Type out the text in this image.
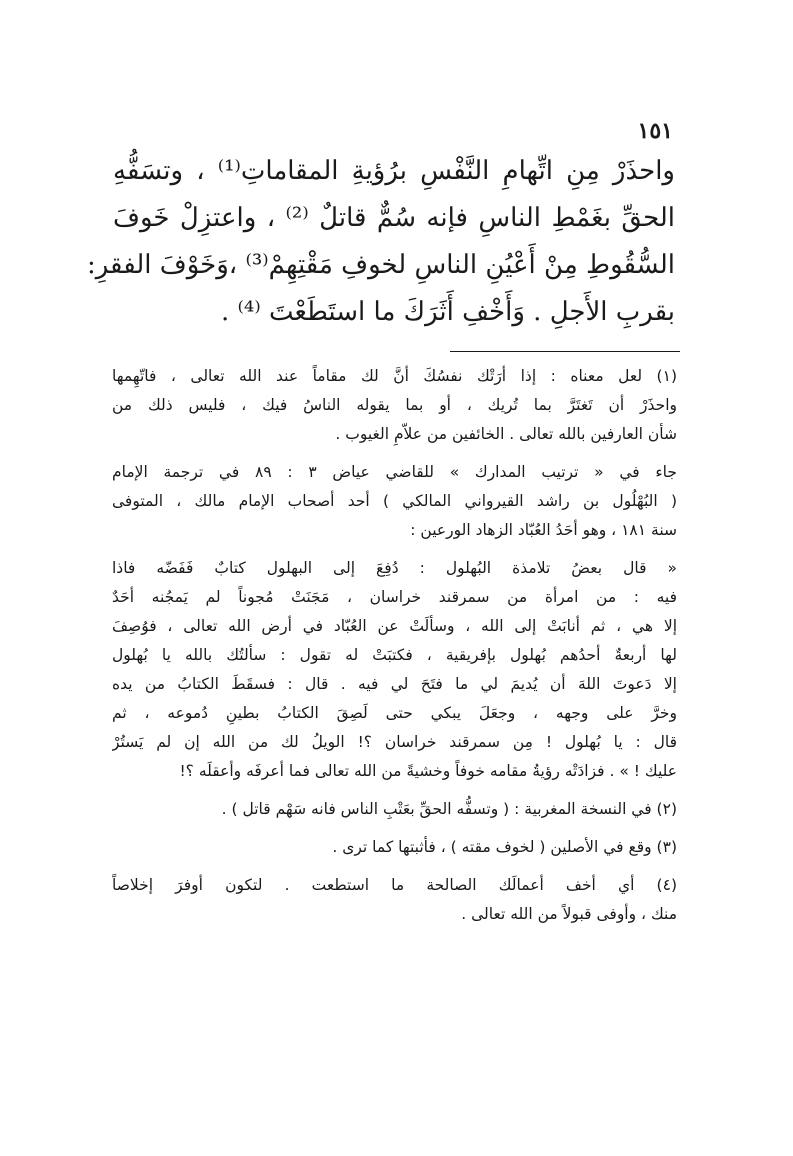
١٥١
واحذَرْ مِنِ اتِّهامِ النَّفْسِ برُؤيةِ المقاماتِ⁽¹⁾ ، وتسَفُّهِ
الحقِّ بغَمْطِ الناسِ فإنه سُمٌّ قاتلٌ ⁽²⁾ ، واعتزِلْ خَوفَ
السُّقُوطِ مِنْ أَعْيُنِ الناسِ لخوفِ مَقْتِهِمْ⁽³⁾ ،وَخَوْفَ الفقرِ:
بقربِ الأَجلِ . وَأَخْفِ أَثَرَكَ ما استَطَعْتَ ⁽⁴⁾ .
(١) لعل معناه : إذا أرَتْك نفسُكَ أنَّ لك مقاماً عند الله تعالى ، فاتّهِمها
واحذَرْ أن تَغتَرَّ بما تُريك ، أو بما يقوله الناسُ فيك ، فليس ذلك من
شأن العارفين بالله تعالى . الخائفين من علاّمِ الغيوب .
جاء في « ترتيب المدارك » للقاضي عياض ٣ : ٨٩ في ترجمة الإمام
( البُهْلُول بن راشد القيرواني المالكي ) أحد أصحاب الإمام مالك ، المتوفى
سنة ١٨١ ، وهو أحَدُ العُبّاد الزهاد الورعين :
« قال بعضُ تلامذة البُهلول : دُفِعَ إلى البهلول كتابٌ فَفَضّه فاذا
فيه : من امرأة من سمرقند خراسان ، مَجَنَتْ مُجوناً لم يَمجُنه أحَدٌ
إلا هي ، ثم أنابَتْ إلى الله ، وسألَتْ عن العُبّاد في أرض الله تعالى ، فوُصِفَ
لها أربعةٌ أحدُهم بُهلول بإفريقية ، فكتبَتْ له تقول : سألتُك بالله يا بُهلول
إلا دَعوتَ اللهَ أن يُديمَ لي ما فتَحَ لي فيه . قال : فسقَطَ الكتابُ من يده
وخرَّ على وجهه ، وجعَلَ يبكي حتى لَصِقَ الكتابُ بطينِ دُموعه ، ثم
قال : يا بُهلول ! مِن سمرقند خراسان ؟! الويلُ لك من الله إن لم يَستُرْ
عليك ! » . فزادَتْه رؤيةُ مقامه خوفاً وخشيةً من الله تعالى فما أعرفَه وأعقلَه ؟!
(٢) في النسخة المغربية : ( وتسفُّه الحقِّ بعَتْبِ الناس فانه سَهْم قاتل ) .
(٣) وقع في الأصلين ( لخوف مقته ) ، فأثبتها كما ترى .
(٤) أي أخف أعمالَك الصالحة ما استطعت . لتكون أوفرَ إخلاصاً
منك ، وأوفى قبولاً من الله تعالى .
